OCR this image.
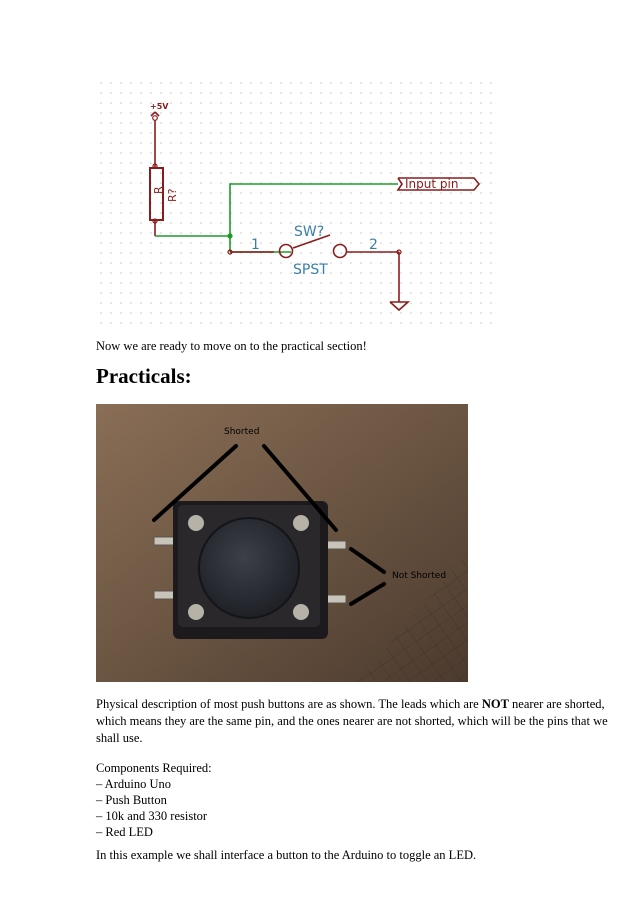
+5V
R R?
Input pin
1	2
SW?
SPST
Now we are ready to move on to the practical section!
Practicals:
Shorted
Not Shorted
Physical description of most push buttons are as shown. The leads which are NOT nearer are shorted, which means they are the same pin, and the ones nearer are not shorted, which will be the pins that we shall use.
Components Required:
– Arduino Uno
– Push Button
– 10k and 330 resistor
– Red LED
In this example we shall interface a button to the Arduino to toggle an LED.
